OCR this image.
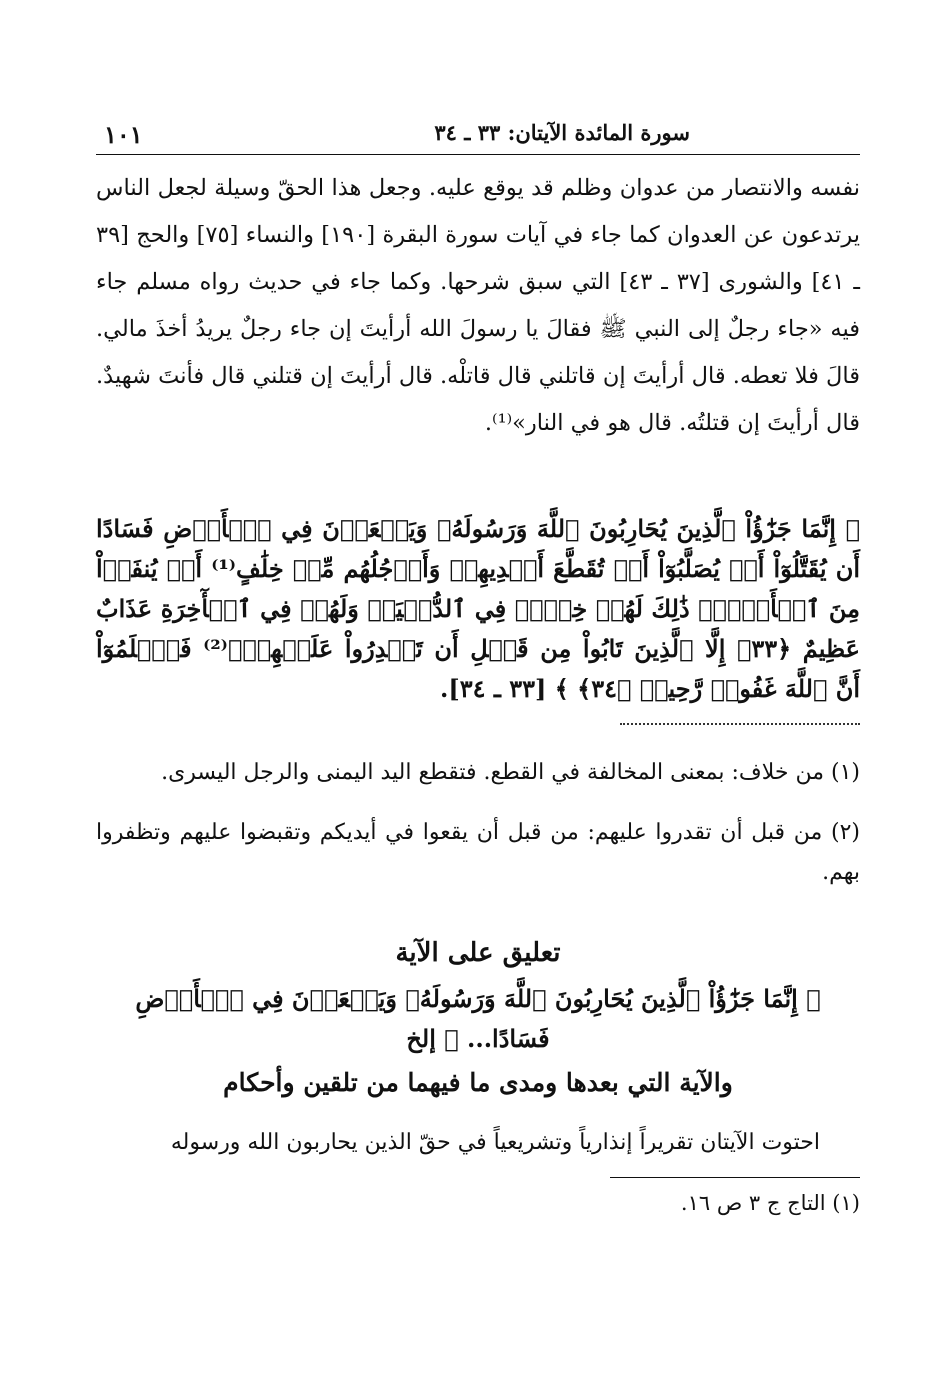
سورة المائدة الآيتان: ٣٣ ـ ٣٤
١٠١

نفسه والانتصار من عدوان وظلم قد يوقع عليه. وجعل هذا الحقّ وسيلة لجعل الناس يرتدعون عن العدوان كما جاء في آيات سورة البقرة [١٩٠] والنساء [٧٥] والحج [٣٩ ـ ٤١] والشورى [٣٧ ـ ٤٣] التي سبق شرحها. وكما جاء في حديث رواه مسلم جاء فيه «جاء رجلٌ إلى النبي ﷺ فقالَ يا رسولَ الله أرأيتَ إن جاء رجلٌ يريدُ أخذَ مالي. قالَ فلا تعطه. قال أرأيتَ إن قاتلني قال قاتلْه. قال أرأيتَ إن قتلني قال فأنتَ شهيدٌ. قال أرأيتَ إن قتلتُه. قال هو في النار»⁽¹⁾.

﴿ إِنَّمَا جَزَٰٓؤُاْ ٱلَّذِينَ يُحَارِبُونَ ٱللَّهَ وَرَسُولَهُۥ وَيَسۡعَوۡنَ فِي ٱلۡأَرۡضِ فَسَادًا أَن يُقَتَّلُوٓاْ أَوۡ يُصَلَّبُوٓاْ أَوۡ تُقَطَّعَ أَيۡدِيهِمۡ وَأَرۡجُلُهُم مِّنۡ خِلَٰفٍ⁽¹⁾ أَوۡ يُنفَوۡاْ مِنَ ٱلۡأَرۡضِۚ ذَٰلِكَ لَهُمۡ خِزۡيٞ فِي ٱلدُّنۡيَاۖ وَلَهُمۡ فِي ٱلۡأٓخِرَةِ عَذَابٌ عَظِيمٌ ﴿٣٣﴾ إِلَّا ٱلَّذِينَ تَابُواْ مِن قَبۡلِ أَن تَقۡدِرُواْ عَلَيۡهِمۡۖ⁽²⁾ فَٱعۡلَمُوٓاْ أَنَّ ٱللَّهَ غَفُورٞ رَّحِيمٞ ﴿٣٤﴾ ﴾ [٣٣ ـ ٣٤].

(١) من خلاف: بمعنى المخالفة في القطع. فتقطع اليد اليمنى والرجل اليسرى.

(٢) من قبل أن تقدروا عليهم: من قبل أن يقعوا في أيديكم وتقبضوا عليهم وتظفروا بهم.

تعليق على الآية
﴿ إِنَّمَا جَزَٰٓؤُاْ ٱلَّذِينَ يُحَارِبُونَ ٱللَّهَ وَرَسُولَهُۥ وَيَسۡعَوۡنَ فِي ٱلۡأَرۡضِ فَسَادًا... ﴾ إلخ
والآية التي بعدها ومدى ما فيهما من تلقين وأحكام

احتوت الآيتان تقريراً إنذارياً وتشريعياً في حقّ الذين يحاربون الله ورسوله

(١) التاج ج ٣ ص ١٦.
